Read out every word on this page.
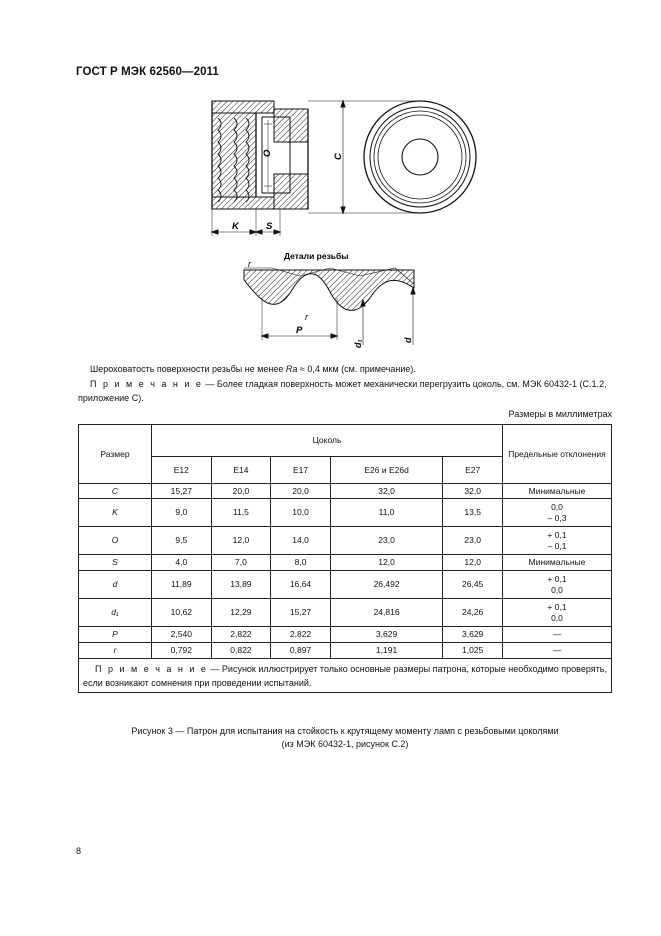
ГОСТ Р МЭК 62560—2011
K	S
O	C
Детали резьбы
r
r
P
d₁	d
Шероховатость поверхности резьбы не менее Ra ≈ 0,4 мкм (см. примечание).
П р и м е ч а н и е — Более гладкая поверхность может механически перегрузить цоколь, см. МЭК 60432-1 (С.1.2, приложение С).
Размеры в миллиметрах
Размер	Цоколь					Предельные отклонения
	E12	E14	E17	E26 и E26d	E27	
C	15,27	20,0	20,0	32,0	32,0	Минимальные

K	9,0	11,5	10,0	11,0	13,5	0,0
– 0,3

O	9,5	12,0	14,0	23,0	23,0	+ 0,1
– 0,1

S	4,0	7,0	8,0	12,0	12,0	Минимальные

d	11,89	13,89	16,64	26,492	26,45	+ 0,1
0,0

d₁	10,62	12,29	15,27	24,816	24,26	+ 0,1
0,0

P	2,540	2,822	2,822	3,629	3,629	—

r	0,792	0,822	0,897	1,191	1,025	—

П р и м е ч а н и е — Рисунок иллюстрирует только основные размеры патрона, которые необходимо проверять, если возникают сомнения при проведении испытаний.						
Рисунок 3 — Патрон для испытания на стойкость к крутящему моменту ламп с резьбовыми цоколями
(из МЭК 60432-1, рисунок С.2)
8
